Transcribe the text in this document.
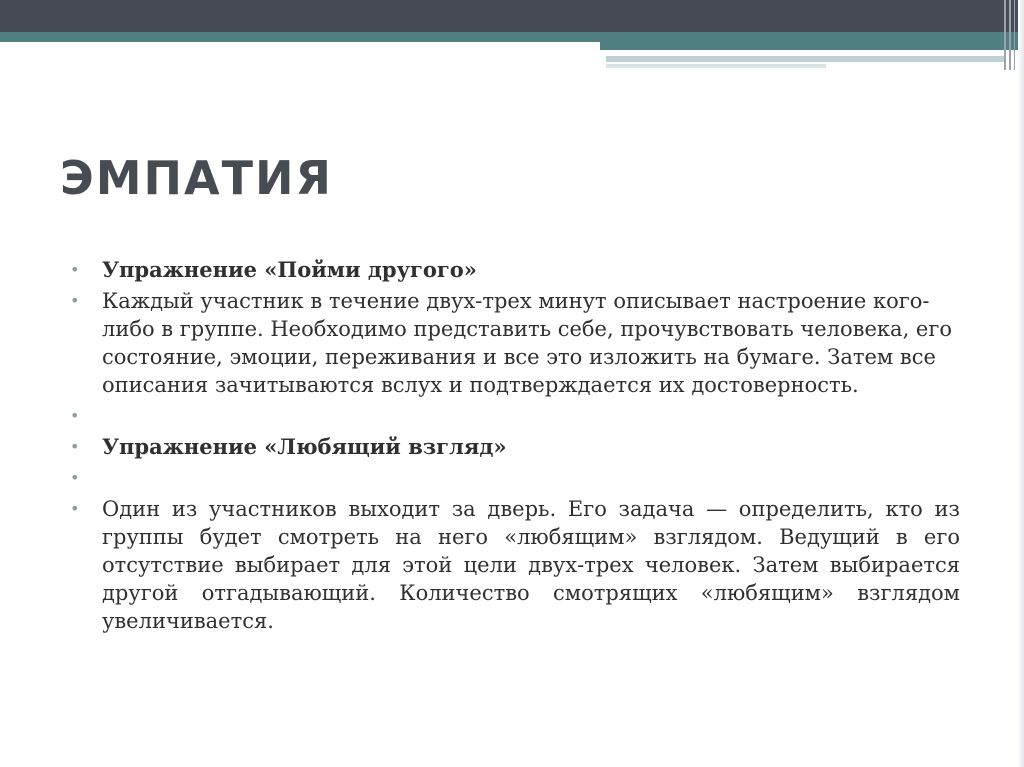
ЭМПАТИЯ
• Упражнение «Пойми другого»
• Каждый участник в течение двух-трех минут описывает настроение кого-либо в группе. Необходимо представить себе, прочувствовать человека, его состояние, эмоции, переживания и все это изложить на бумаге. Затем все описания зачитываются вслух и подтверждается их достоверность.
•
• Упражнение «Любящий взгляд»
•
• Один из участников выходит за дверь. Его задача — определить, кто из группы будет смотреть на него «любящим» взглядом. Ведущий в его отсутствие выбирает для этой цели двух-трех человек. Затем выбирается другой отгадывающий. Количество смотрящих «любящим» взглядом увеличивается.
